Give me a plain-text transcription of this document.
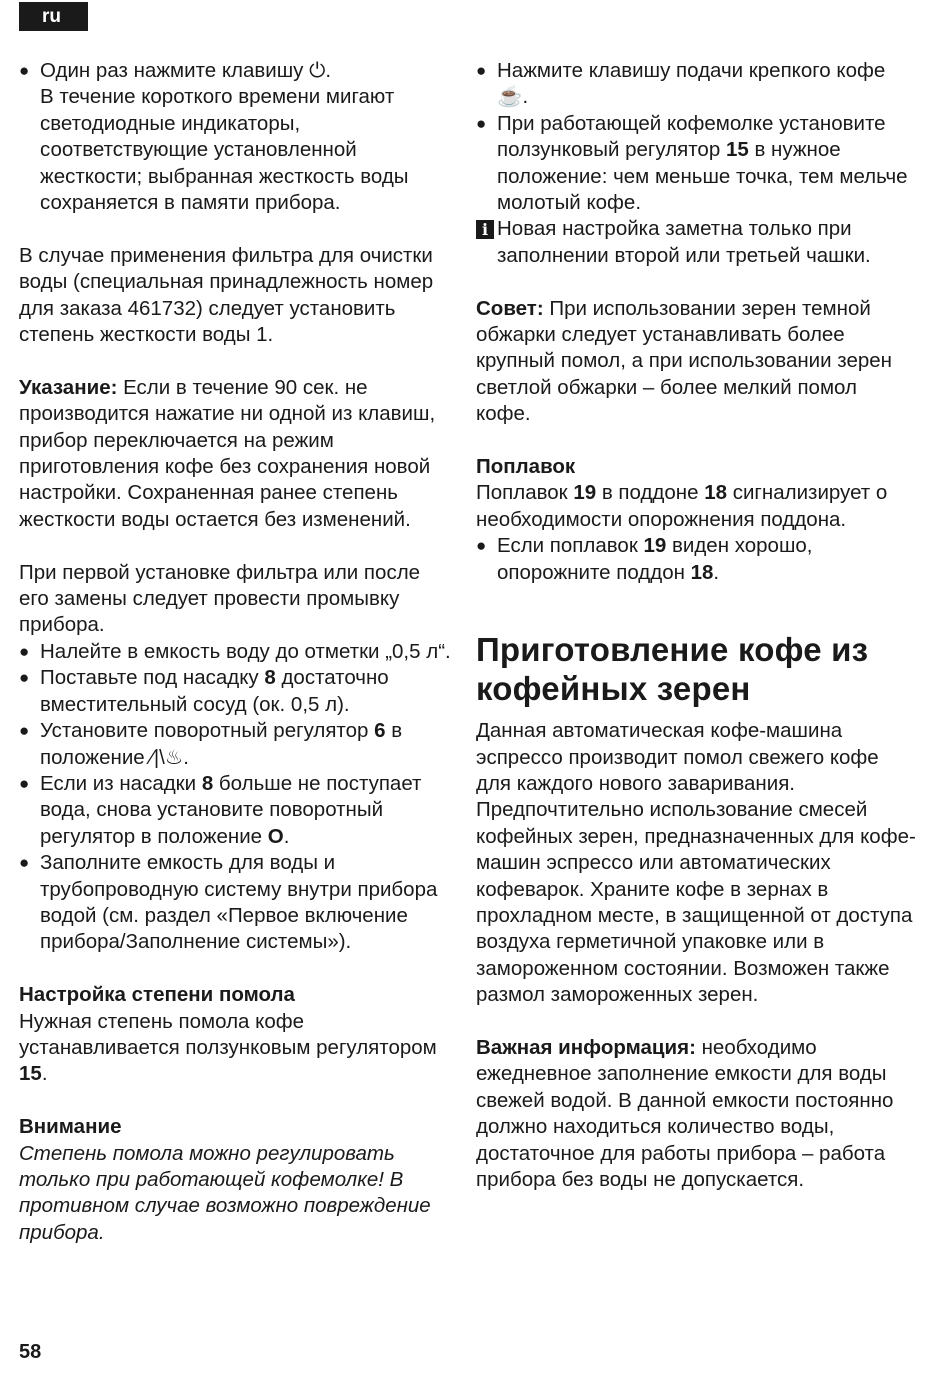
ru
● Один раз нажмите клавишу ⏻.
В течение короткого времени мигают светодиодные индикаторы, соответствующие установленной жесткости; выбранная жесткость воды сохраняется в памяти прибора.

В случае применения фильтра для очистки воды (специальная принадлежность номер для заказа 461732) следует установить степень жесткости воды 1.

Указание: Если в течение 90 сек. не производится нажатие ни одной из клавиш, прибор переключается на режим приготовления кофе без сохранения новой настройки. Сохраненная ранее степень жесткости воды остается без изменений.

При первой установке фильтра или после его замены следует провести промывку прибора.

● Налейте в емкость воду до отметки „0,5 л“.
● Поставьте под насадку 8 достаточно вместительный сосуд (ок. 0,5 л).
● Установите поворотный регулятор 6 в положение ⁄|\♨.
● Если из насадки 8 больше не поступает вода, снова установите поворотный регулятор в положение O.
● Заполните емкость для воды и трубопроводную систему внутри прибора водой (см. раздел «Первое включение прибора/Заполнение системы»).

Настройка степени помола

Нужная степень помола кофе устанавливается ползунковым регулятором 15.

Внимание

Степень помола можно регулировать только при работающей кофемолке! В противном случае возможно повреждение прибора.

● Нажмите клавишу подачи крепкого кофе ☕.
● При работающей кофемолке установите ползунковый регулятор 15 в нужное положение: чем меньше точка, тем мельче молотый кофе.
i Новая настройка заметна только при заполнении второй или третьей чашки.

Совет: При использовании зерен темной обжарки следует устанавливать более крупный помол, а при использовании зерен светлой обжарки – более мелкий помол кофе.

Поплавок

Поплавок 19 в поддоне 18 сигнализирует о необходимости опорожнения поддона.

● Если поплавок 19 виден хорошо, опорожните поддон 18.
Приготовление кофе из кофейных зерен

Данная автоматическая кофе-машина эспрессо производит помол свежего кофе для каждого нового заваривания. Предпочтительно использование смесей кофейных зерен, предназначенных для кофе-машин эспрессо или автоматических кофеварок. Храните кофе в зернах в прохладном месте, в защищенной от доступа воздуха герметичной упаковке или в замороженном состоянии. Возможен также размол замороженных зерен.

Важная информация: необходимо ежедневное заполнение емкости для воды свежей водой. В данной емкости постоянно должно находиться количество воды, достаточное для работы прибора – работа прибора без воды не допускается.

58
